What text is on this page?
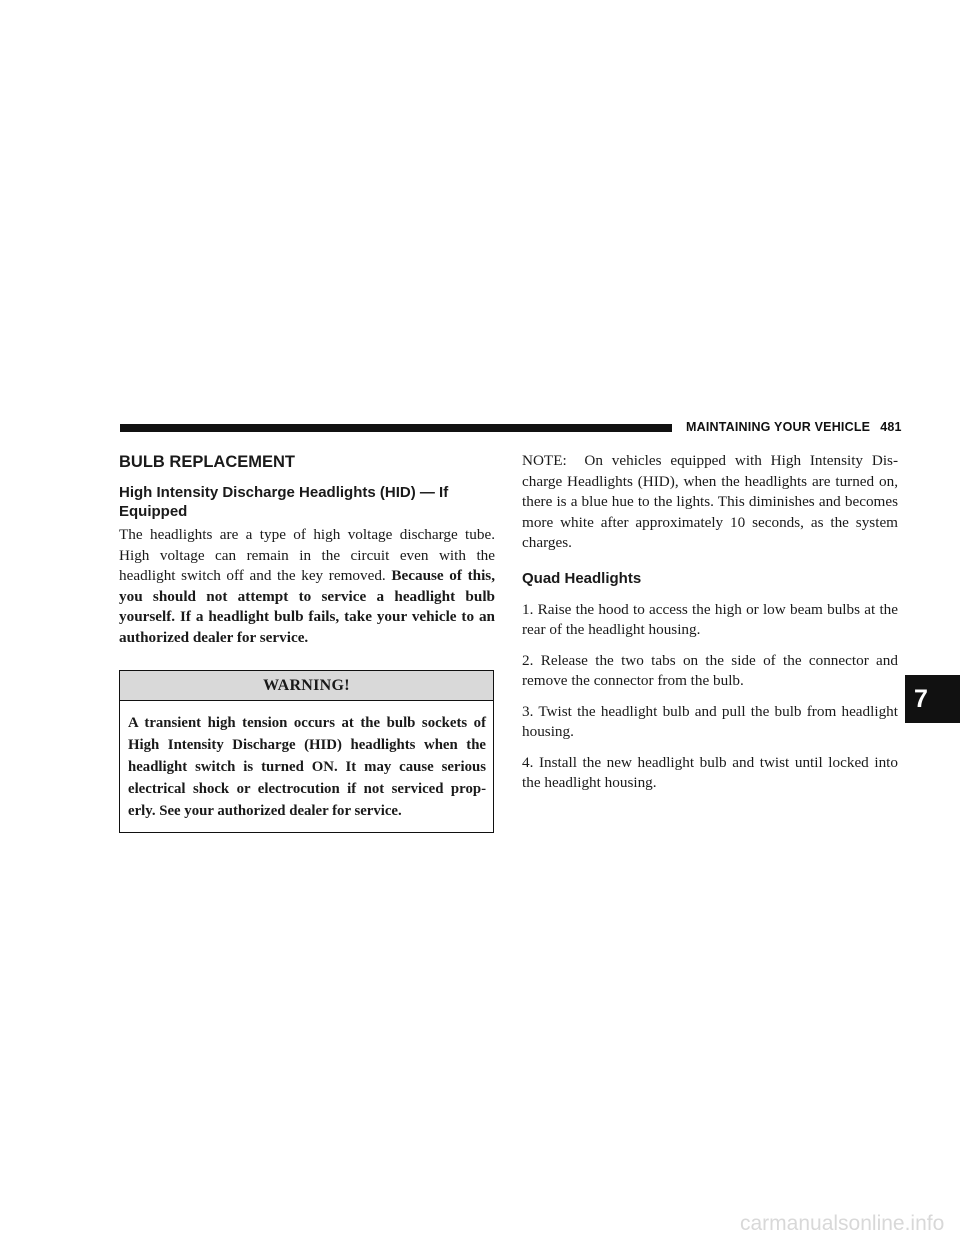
MAINTAINING YOUR VEHICLE 481
BULB REPLACEMENT
High Intensity Discharge Headlights (HID) — If Equipped

The headlights are a type of high voltage discharge tube. High voltage can remain in the circuit even with the headlight switch off and the key removed. Because of this, you should not attempt to service a headlight bulb yourself. If a headlight bulb fails, take your vehicle to an authorized dealer for service.

WARNING!
A transient high tension occurs at the bulb sockets of High Intensity Discharge (HID) headlights when the headlight switch is turned ON. It may cause serious electrical shock or electrocution if not serviced prop- erly. See your authorized dealer for service.

NOTE: On vehicles equipped with High Intensity Dis- charge Headlights (HID), when the headlights are turned on, there is a blue hue to the lights. This diminishes and becomes more white after approximately 10 seconds, as the system charges.

Quad Headlights

1. Raise the hood to access the high or low beam bulbs at the rear of the headlight housing.

2. Release the two tabs on the side of the connector and remove the connector from the bulb.

3. Twist the headlight bulb and pull the bulb from headlight housing.

4. Install the new headlight bulb and twist until locked into the headlight housing.

7
carmanualsonline.info
